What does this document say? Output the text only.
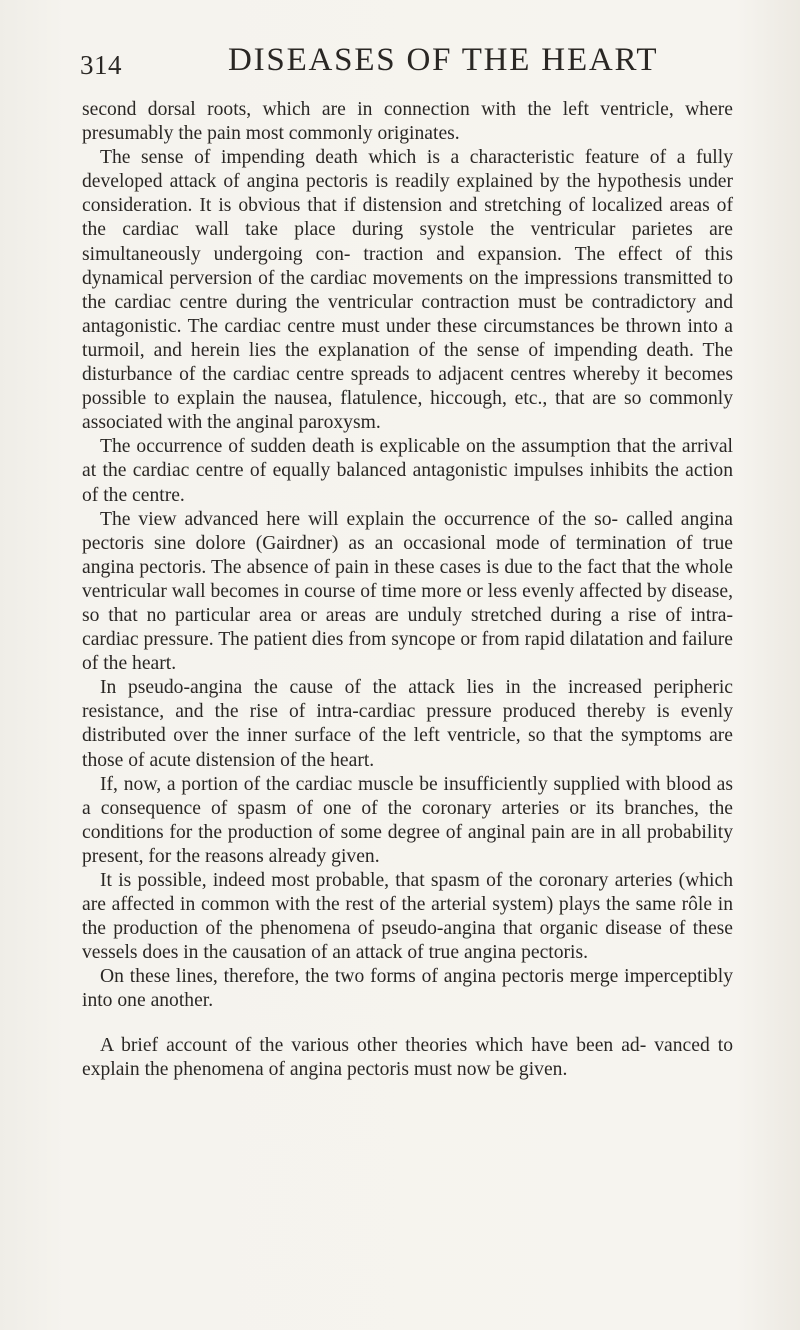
314	DISEASES OF THE HEART

second dorsal roots, which are in connection with the left ventricle, where presumably the pain most commonly originates.

The sense of impending death which is a characteristic feature of a fully developed attack of angina pectoris is readily explained by the hypothesis under consideration. It is obvious that if distension and stretching of localized areas of the cardiac wall take place during systole the ventricular parietes are simultaneously undergoing con- traction and expansion. The effect of this dynamical perversion of the cardiac movements on the impressions transmitted to the cardiac centre during the ventricular contraction must be contradictory and antagonistic. The cardiac centre must under these circumstances be thrown into a turmoil, and herein lies the explanation of the sense of impending death. The disturbance of the cardiac centre spreads to adjacent centres whereby it becomes possible to explain the nausea, flatulence, hiccough, etc., that are so commonly associated with the anginal paroxysm.

The occurrence of sudden death is explicable on the assumption that the arrival at the cardiac centre of equally balanced antagonistic impulses inhibits the action of the centre.

The view advanced here will explain the occurrence of the so- called angina pectoris sine dolore (Gairdner) as an occasional mode of termination of true angina pectoris. The absence of pain in these cases is due to the fact that the whole ventricular wall becomes in course of time more or less evenly affected by disease, so that no particular area or areas are unduly stretched during a rise of intra-cardiac pressure. The patient dies from syncope or from rapid dilatation and failure of the heart.

In pseudo-angina the cause of the attack lies in the increased peripheric resistance, and the rise of intra-cardiac pressure produced thereby is evenly distributed over the inner surface of the left ventricle, so that the symptoms are those of acute distension of the heart.

If, now, a portion of the cardiac muscle be insufficiently supplied with blood as a consequence of spasm of one of the coronary arteries or its branches, the conditions for the production of some degree of anginal pain are in all probability present, for the reasons already given.

It is possible, indeed most probable, that spasm of the coronary arteries (which are affected in common with the rest of the arterial system) plays the same rôle in the production of the phenomena of pseudo-angina that organic disease of these vessels does in the causation of an attack of true angina pectoris.

On these lines, therefore, the two forms of angina pectoris merge imperceptibly into one another.

A brief account of the various other theories which have been ad- vanced to explain the phenomena of angina pectoris must now be given.
